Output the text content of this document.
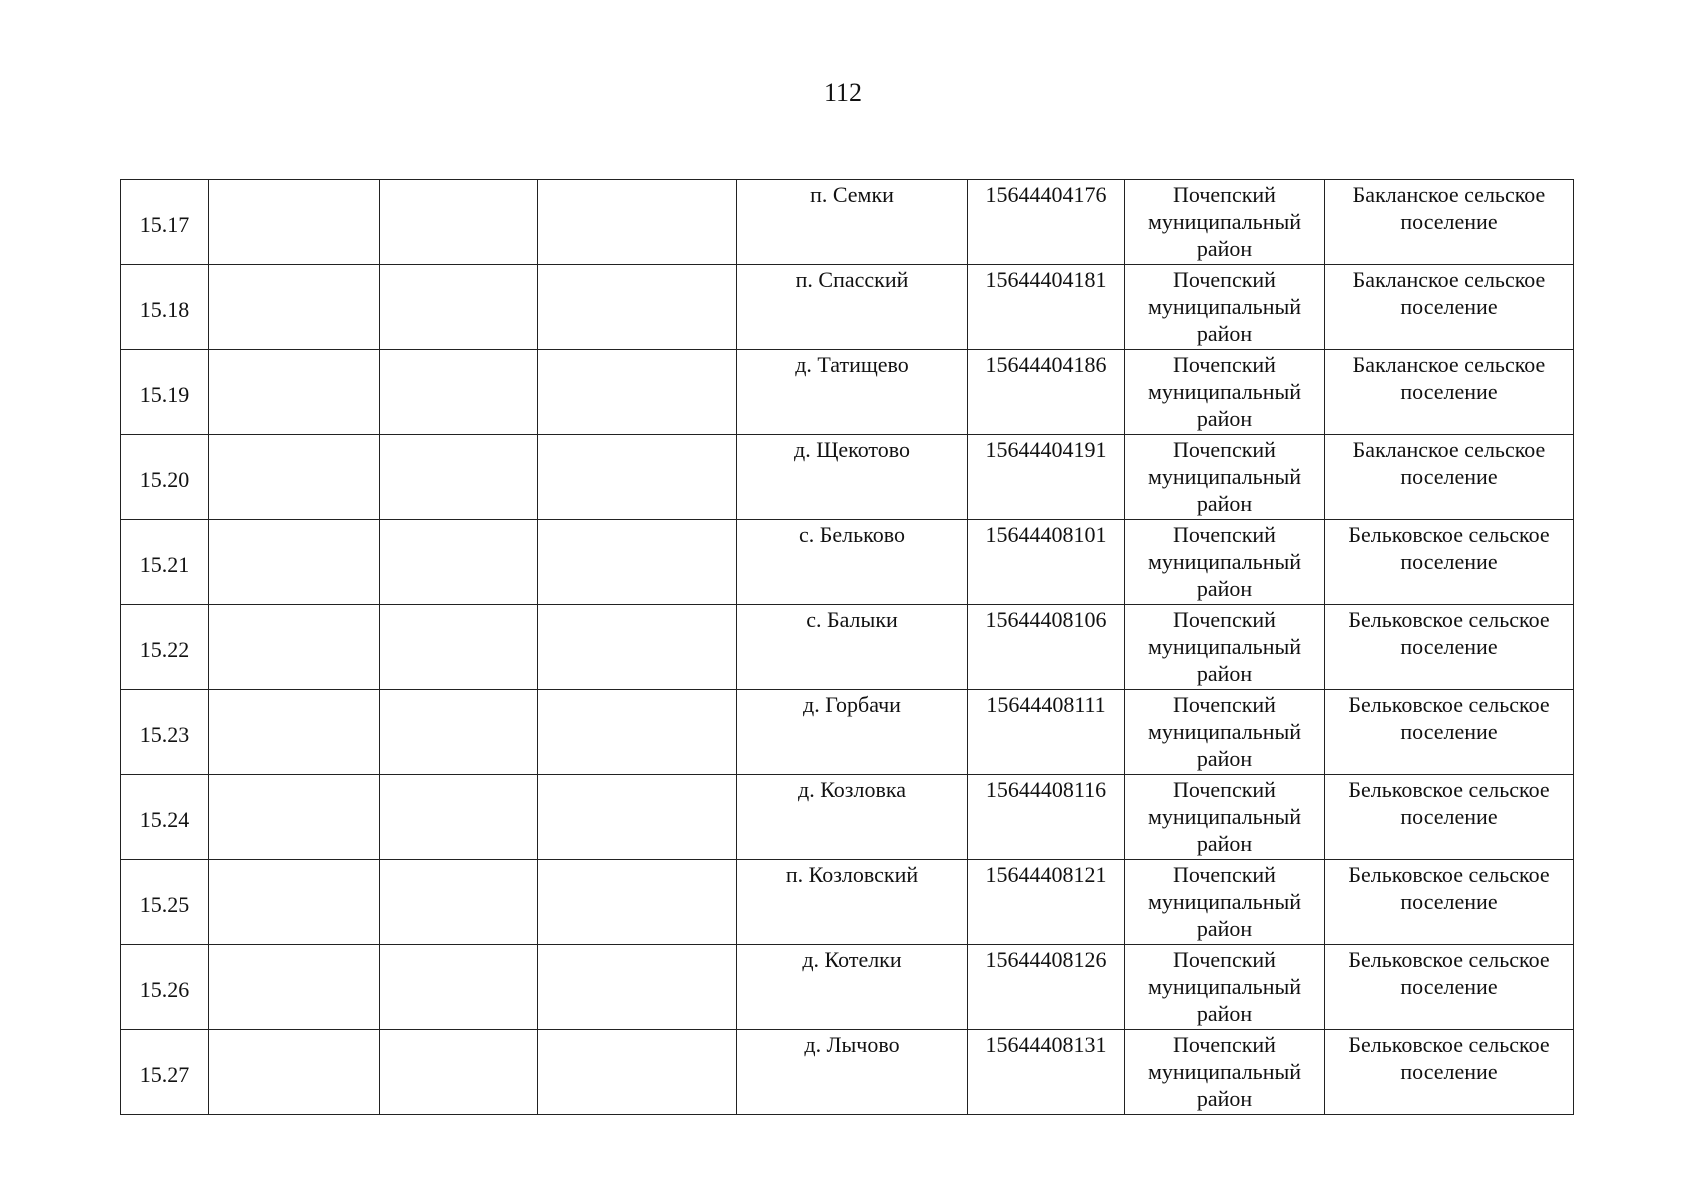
112
15.17				п. Семки	15644404176	Почепский муниципальный район	Бакланское сельское поселение
15.18				п. Спасский	15644404181	Почепский муниципальный район	Бакланское сельское поселение
15.19				д. Татищево	15644404186	Почепский муниципальный район	Бакланское сельское поселение
15.20				д. Щекотово	15644404191	Почепский муниципальный район	Бакланское сельское поселение
15.21				с. Бельково	15644408101	Почепский муниципальный район	Бельковское сельское поселение
15.22				с. Балыки	15644408106	Почепский муниципальный район	Бельковское сельское поселение
15.23				д. Горбачи	15644408111	Почепский муниципальный район	Бельковское сельское поселение
15.24				д. Козловка	15644408116	Почепский муниципальный район	Бельковское сельское поселение
15.25				п. Козловский	15644408121	Почепский муниципальный район	Бельковское сельское поселение
15.26				д. Котелки	15644408126	Почепский муниципальный район	Бельковское сельское поселение
15.27				д. Лычово	15644408131	Почепский муниципальный район	Бельковское сельское поселение
